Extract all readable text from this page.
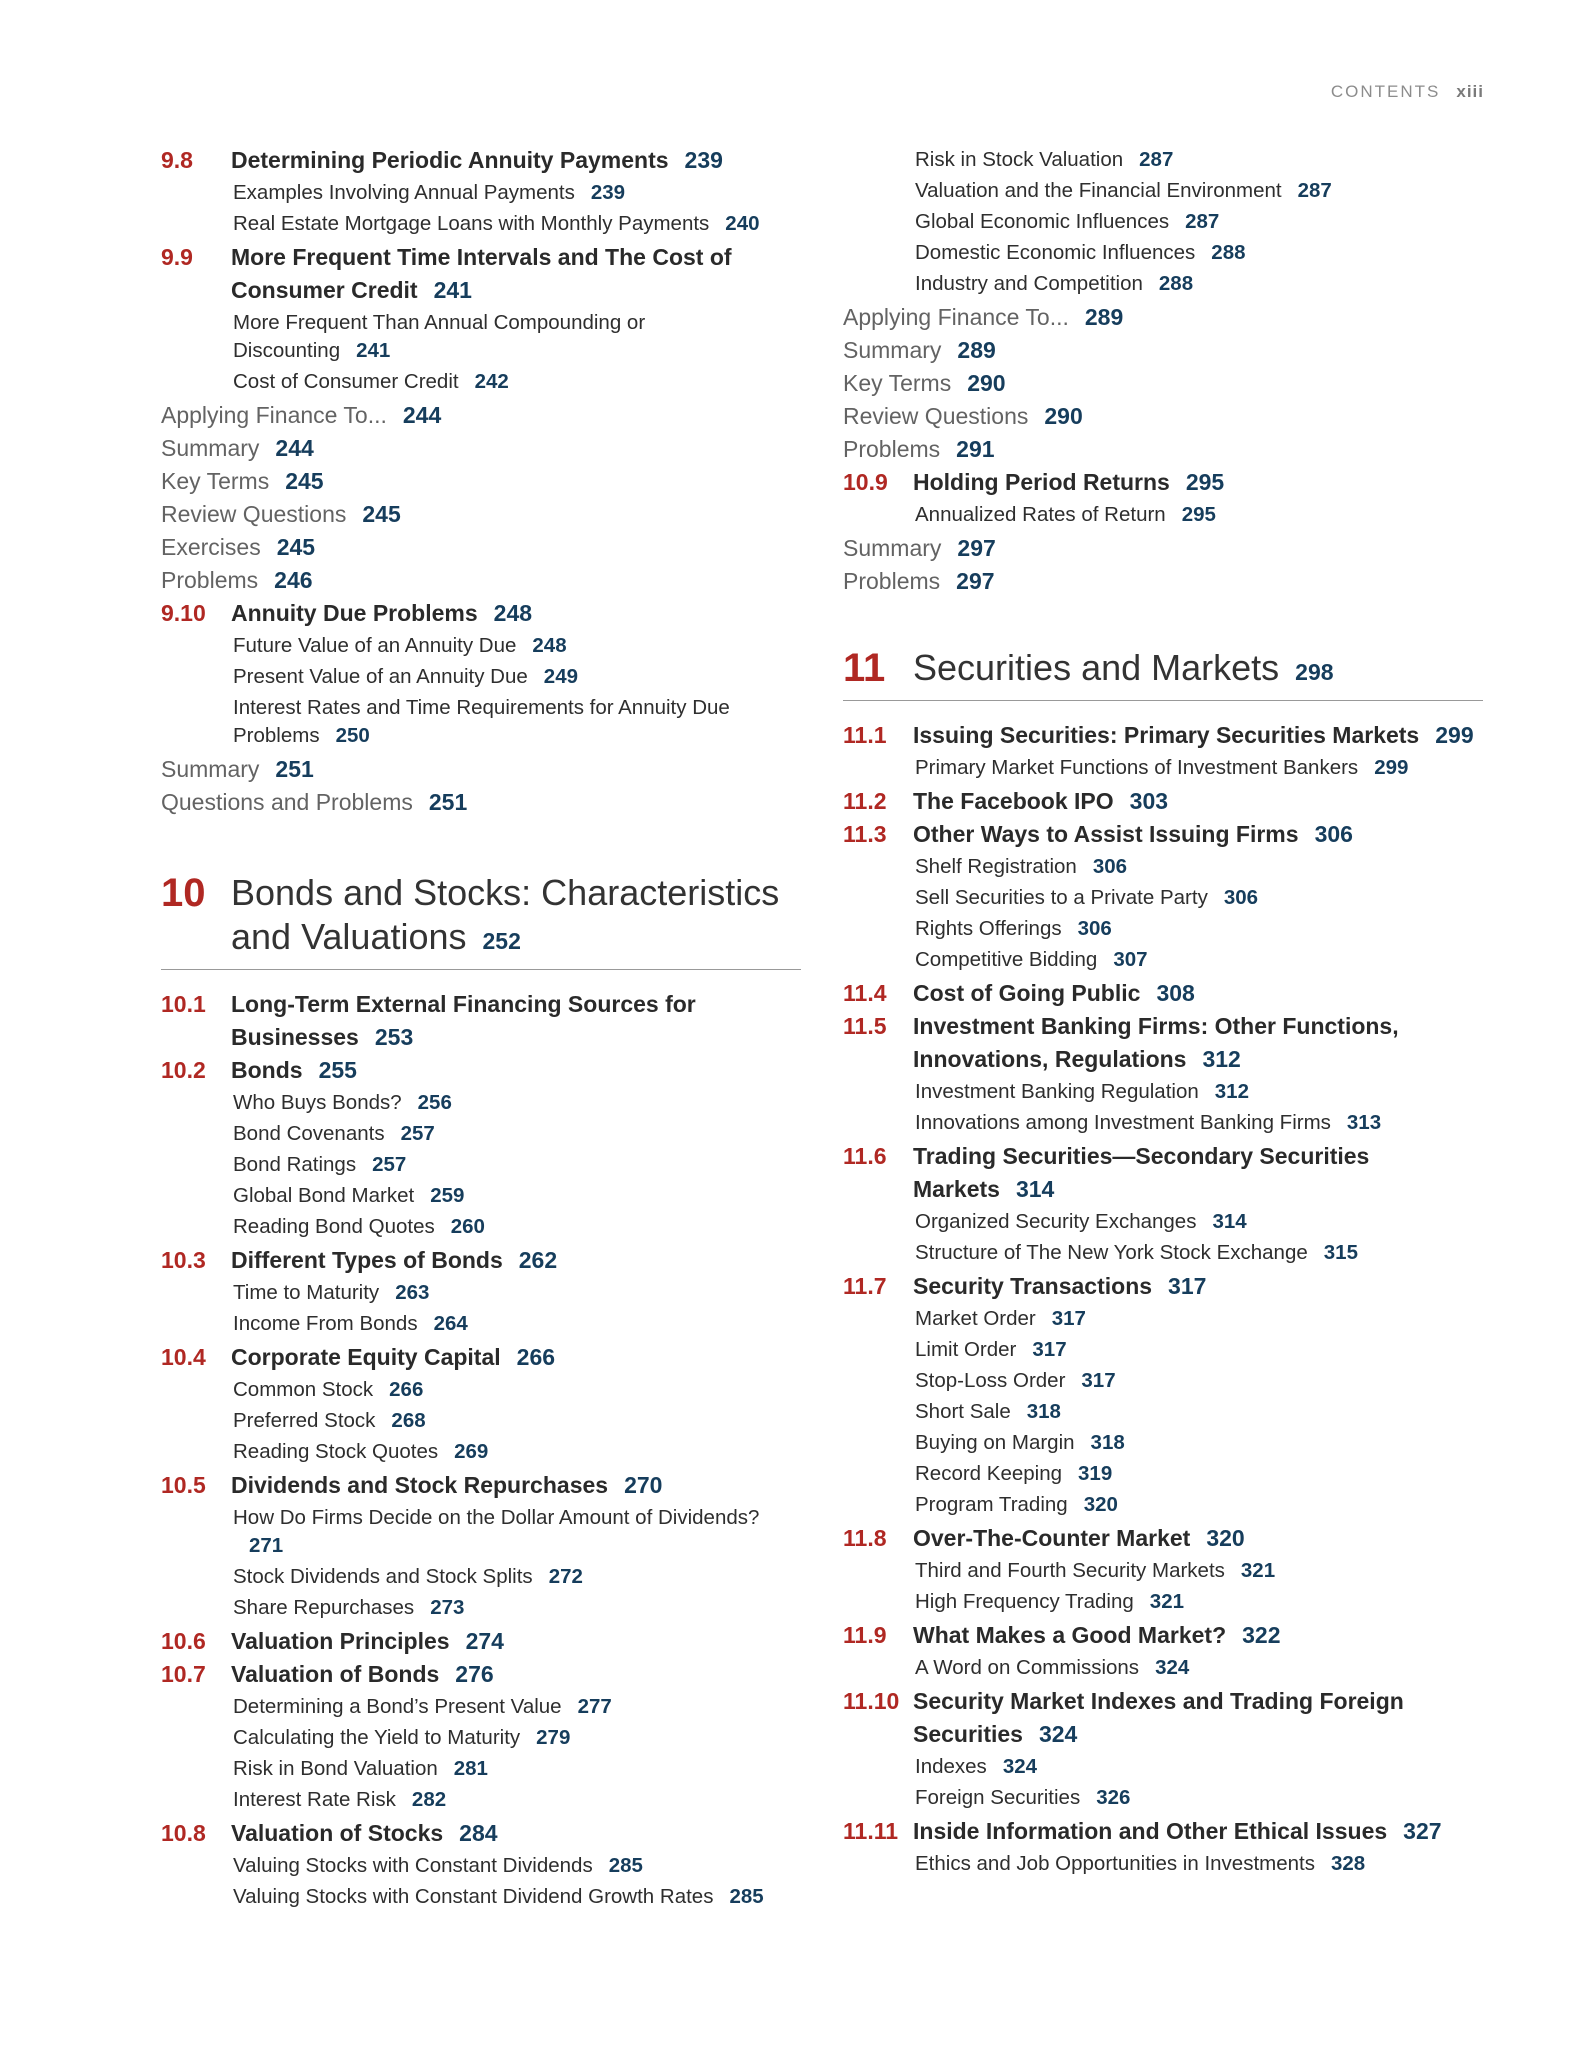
CONTENTS xiii
9.8 Determining Periodic Annuity Payments 239
Examples Involving Annual Payments 239
Real Estate Mortgage Loans with Monthly Payments 240
9.9 More Frequent Time Intervals and The Cost of Consumer Credit 241
More Frequent Than Annual Compounding or Discounting 241
Cost of Consumer Credit 242
Applying Finance To... 244
Summary 244
Key Terms 245
Review Questions 245
Exercises 245
Problems 246
9.10 Annuity Due Problems 248
Future Value of an Annuity Due 248
Present Value of an Annuity Due 249
Interest Rates and Time Requirements for Annuity Due Problems 250
Summary 251
Questions and Problems 251
10 Bonds and Stocks: Characteristics and Valuations 252
10.1 Long-Term External Financing Sources for Businesses 253
10.2 Bonds 255
Who Buys Bonds? 256
Bond Covenants 257
Bond Ratings 257
Global Bond Market 259
Reading Bond Quotes 260
10.3 Different Types of Bonds 262
Time to Maturity 263
Income From Bonds 264
10.4 Corporate Equity Capital 266
Common Stock 266
Preferred Stock 268
Reading Stock Quotes 269
10.5 Dividends and Stock Repurchases 270
How Do Firms Decide on the Dollar Amount of Dividends?271
Stock Dividends and Stock Splits 272
Share Repurchases 273
10.6 Valuation Principles 274
10.7 Valuation of Bonds 276
Determining a Bond’s Present Value 277
Calculating the Yield to Maturity 279
Risk in Bond Valuation 281
Interest Rate Risk 282
10.8 Valuation of Stocks 284
Valuing Stocks with Constant Dividends 285
Valuing Stocks with Constant Dividend Growth Rates 285
Risk in Stock Valuation 287
Valuation and the Financial Environment 287
Global Economic Influences 287
Domestic Economic Influences 288
Industry and Competition 288
Applying Finance To... 289
Summary 289
Key Terms 290
Review Questions 290
Problems 291
10.9 Holding Period Returns 295
Annualized Rates of Return 295
Summary 297
Problems 297
11 Securities and Markets 298
11.1 Issuing Securities: Primary Securities Markets 299
Primary Market Functions of Investment Bankers 299
11.2 The Facebook IPO 303
11.3 Other Ways to Assist Issuing Firms 306
Shelf Registration 306
Sell Securities to a Private Party 306
Rights Offerings 306
Competitive Bidding 307
11.4 Cost of Going Public 308
11.5 Investment Banking Firms: Other Functions, Innovations, Regulations 312
Investment Banking Regulation 312
Innovations among Investment Banking Firms 313
11.6 Trading Securities—Secondary Securities Markets 314
Organized Security Exchanges 314
Structure of The New York Stock Exchange 315
11.7 Security Transactions 317
Market Order 317
Limit Order 317
Stop-Loss Order 317
Short Sale 318
Buying on Margin 318
Record Keeping 319
Program Trading 320
11.8 Over-The-Counter Market 320
Third and Fourth Security Markets 321
High Frequency Trading 321
11.9 What Makes a Good Market? 322
A Word on Commissions 324
11.10 Security Market Indexes and Trading Foreign Securities 324
Indexes 324
Foreign Securities 326
11.11 Inside Information and Other Ethical Issues 327
Ethics and Job Opportunities in Investments 328
